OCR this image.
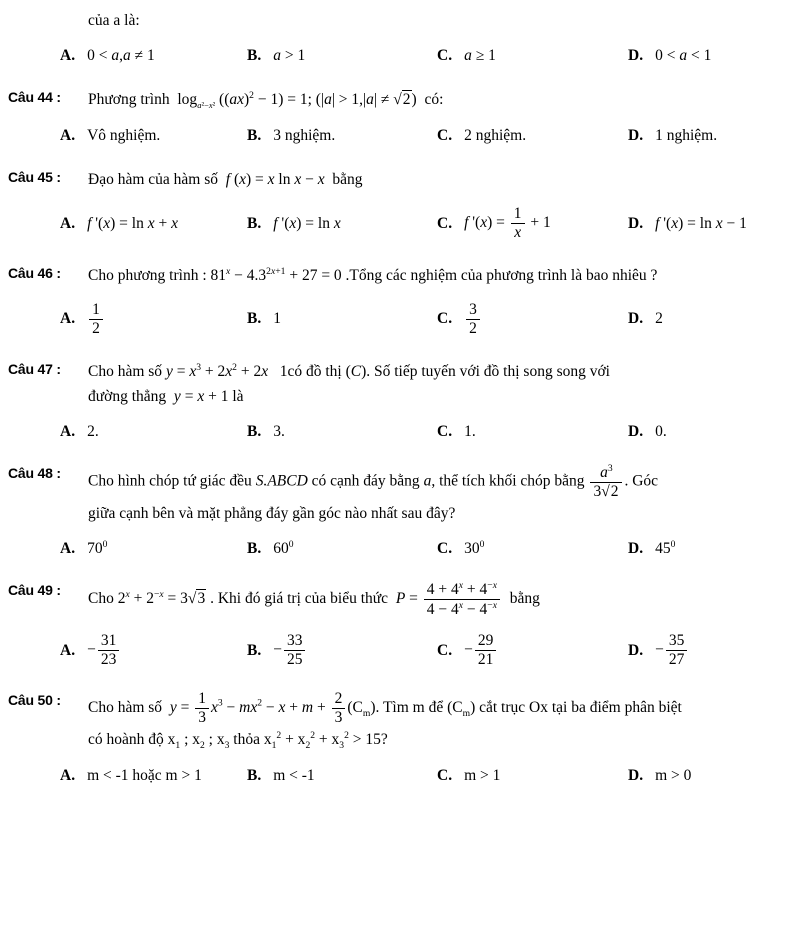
của a là:
A. 0 < a,a ≠ 1	B. a > 1	C. a ≥ 1	D. 0 < a < 1
Câu 44 :	Phương trình  $\log_{a^2-x^2} ((ax)^2 - 1) = 1$; (|a| > 1,|a| ≠ √2)  có:
A. Vô nghiệm.	B. 3 nghiệm.	C. 2 nghiệm.	D. 1 nghiệm.
Câu 45 :	Đạo hàm của hàm số  f (x) = x ln x − x  bằng
A. f '(x) = ln x + x	B. f '(x) = ln x	C. f '$(x) = \frac{1}{x} + 1$	D. f '(x) = ln x − 1
Câu 46 :	Cho phương trình : $81^x - 4.3^{2x+1} + 27 = 0$ .Tổng các nghiệm của phương trình là bao nhiêu ?
A. $\frac{1}{2}$	B. 1	C. $\frac{3}{2}$	D. 2
Câu 47 :	Cho hàm số $y = x^3 + 2x^2 + 2x$   1có đồ thị (C). Số tiếp tuyến với đồ thị song song với
đường thẳng  y = x + 1 là
A. 2.	B. 3.	C. 1.	D. 0.
Câu 48 :	Cho hình chóp tứ giác đều S.ABCD có cạnh đáy bằng a, thể tích khối chóp bằng $\frac{a^3}{3√2}$ . Góc
giữa cạnh bên và mặt phẳng đáy gần góc nào nhất sau đây?
A. $70^0$	B. $60^0$	C. $30^0$	D. $45^0$
Câu 49 :
Cho $2^x + 2^{-x} = 3√3$ . Khi đó giá trị của biểu thức  $P = \frac{4 + 4^x + 4^{-x}}{4 - 4^x - 4^{-x}}$ bằng
A. − $\frac{31}{23}$	B. − $\frac{33}{25}$	C. − $\frac{29}{21}$	D. − $\frac{35}{27}$
Câu 50 :	Cho hàm số  $y = \frac{1}{3} x^3 - mx^2 - x + m + \frac{2}{3} (C_m)$. Tìm m để $(C_m)$ cắt trục Ox tại ba điểm phân biệt
có hoành độ $x_1$ ; $x_2$ ; $x_3$ thỏa $x_1^2 + x_2^2 + x_3^2 > 15$?
A. m < -1 hoặc m > 1	B. m < -1	C. m > 1	D. m > 0
